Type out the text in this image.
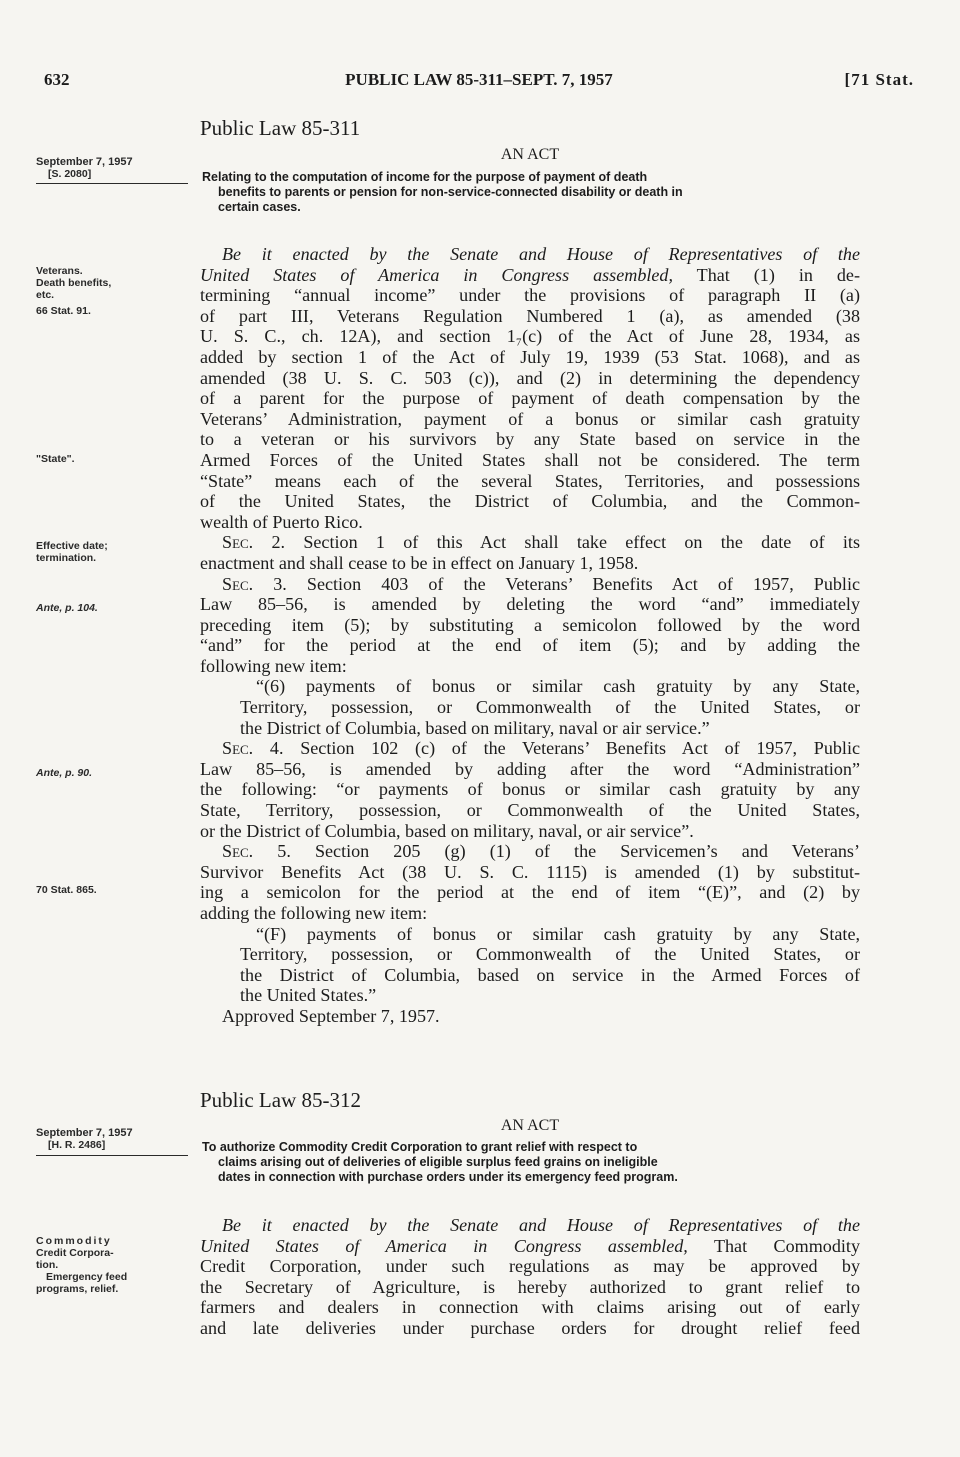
632	PUBLIC LAW 85-311–SEPT. 7, 1957	[71 Stat.
Public Law 85-311
AN ACT
September 7, 1957
[S. 2080]	Relating to the computation of income for the purpose of payment of death
benefits to parents or pension for non-service-connected disability or death in
certain cases.
Veterans.
Death benefits,
etc.
66 Stat. 91.
"State".
Effective date;
termination.
Ante, p. 104.
Ante, p. 90.
70 Stat. 865.
Be it enacted by the Senate and House of Representatives of the
United States of America in Congress assembled, That (1) in de-
termining “annual income” under the provisions of paragraph II (a)
of part III, Veterans Regulation Numbered 1 (a), as amended (38
U. S. C., ch. 12A), and section 1₇(c) of the Act of June 28, 1934, as
added by section 1 of the Act of July 19, 1939 (53 Stat. 1068), and as
amended (38 U. S. C. 503 (c)), and (2) in determining the dependency
of a parent for the purpose of payment of death compensation by the
Veterans’ Administration, payment of a bonus or similar cash gratuity
to a veteran or his survivors by any State based on service in the
Armed Forces of the United States shall not be considered. The term
“State” means each of the several States, Territories, and possessions
of the United States, the District of Columbia, and the Common-
wealth of Puerto Rico.
Sec. 2. Section 1 of this Act shall take effect on the date of its
enactment and shall cease to be in effect on January 1, 1958.
Sec. 3. Section 403 of the Veterans’ Benefits Act of 1957, Public
Law 85–56, is amended by deleting the word “and” immediately
preceding item (5); by substituting a semicolon followed by the word
“and” for the period at the end of item (5); and by adding the
following new item:
“(6) payments of bonus or similar cash gratuity by any State,
Territory, possession, or Commonwealth of the United States, or
the District of Columbia, based on military, naval or air service.”
Sec. 4. Section 102 (c) of the Veterans’ Benefits Act of 1957, Public
Law 85–56, is amended by adding after the word “Administration”
the following: “or payments of bonus or similar cash gratuity by any
State, Territory, possession, or Commonwealth of the United States,
or the District of Columbia, based on military, naval, or air service”.
Sec. 5. Section 205 (g) (1) of the Servicemen’s and Veterans’
Survivor Benefits Act (38 U. S. C. 1115) is amended (1) by substitut-
ing a semicolon for the period at the end of item “(E)”, and (2) by
adding the following new item:
“(F) payments of bonus or similar cash gratuity by any State,
Territory, possession, or Commonwealth of the United States, or
the District of Columbia, based on service in the Armed Forces of
the United States.”
Approved September 7, 1957.
Public Law 85-312
AN ACT
September 7, 1957
[H. R. 2486]	To authorize Commodity Credit Corporation to grant relief with respect to
claims arising out of deliveries of eligible surplus feed grains on ineligible
dates in connection with purchase orders under its emergency feed program.
Commodity
Credit Corpora-
tion.
Emergency feed
programs, relief.
Be it enacted by the Senate and House of Representatives of the
United States of America in Congress assembled, That Commodity
Credit Corporation, under such regulations as may be approved by
the Secretary of Agriculture, is hereby authorized to grant relief to
farmers and dealers in connection with claims arising out of early
and late deliveries under purchase orders for drought relief feed
